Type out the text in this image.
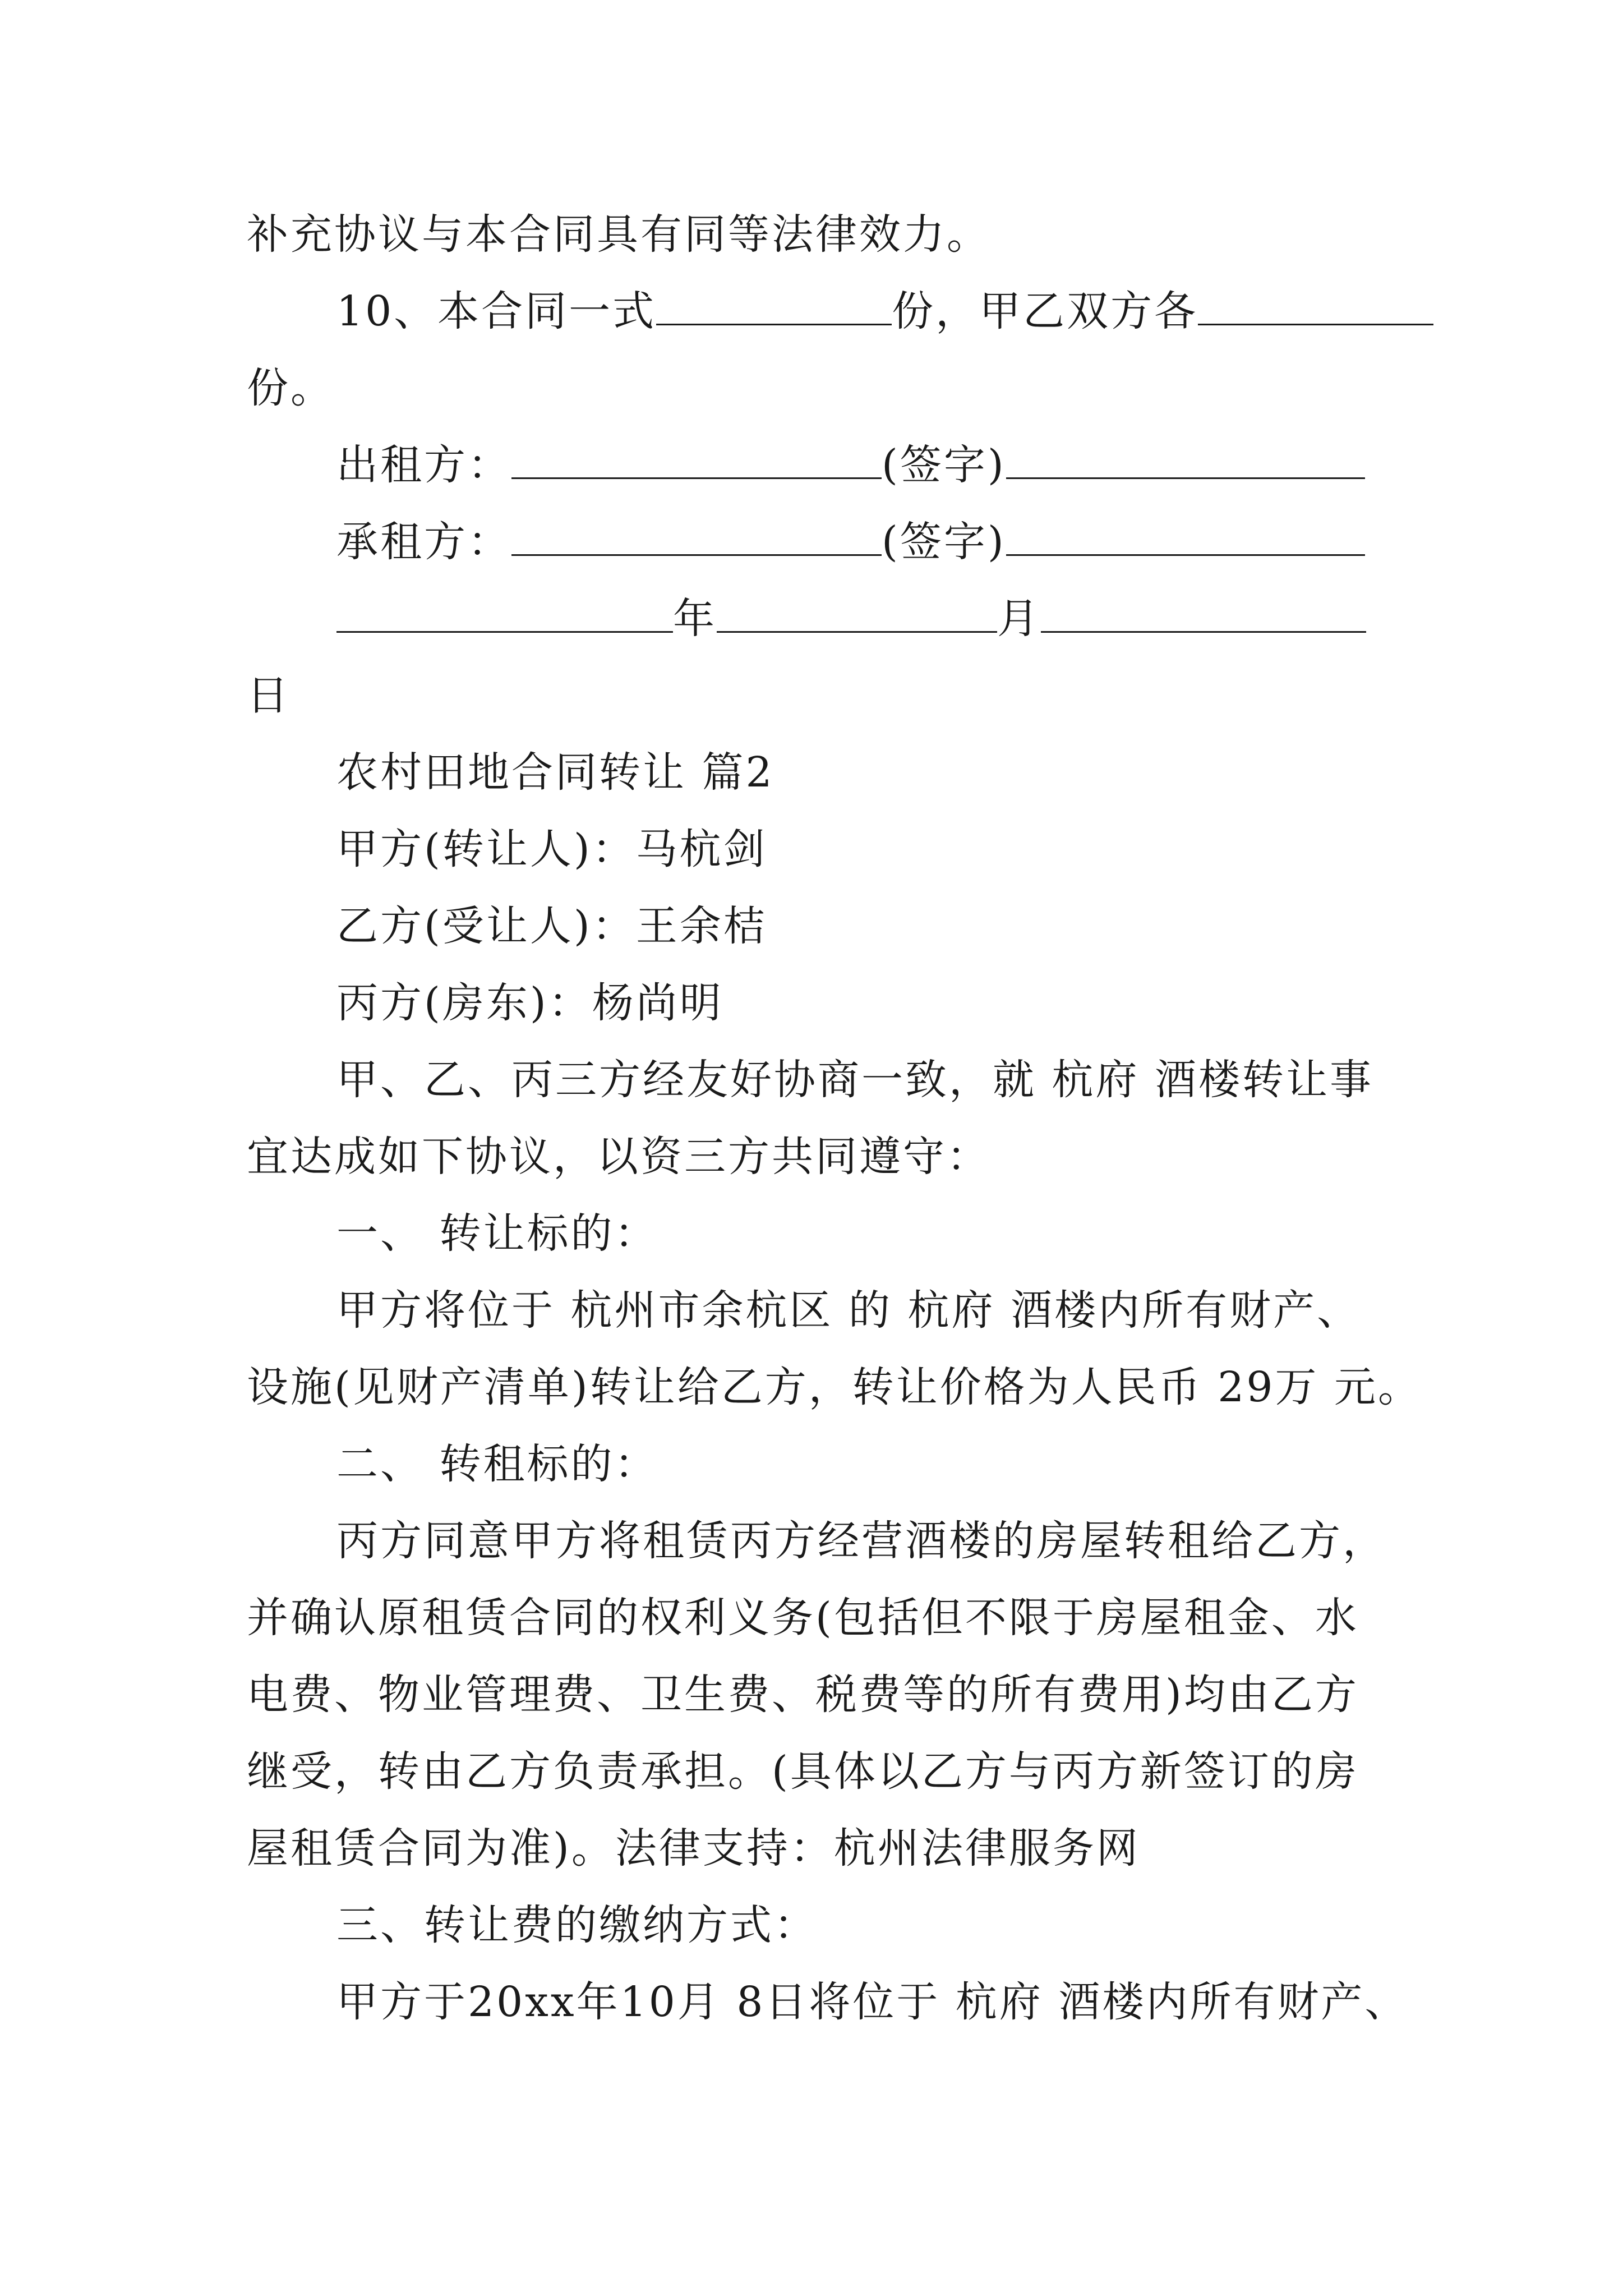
补充协议与本合同具有同等法律效力。
10、本合同一式	份，甲乙双方各
份。
出租方：	(签字)
承租方：	(签字)
年	月
日
农村田地合同转让 篇2
甲方(转让人)：马杭剑
乙方(受让人)：王余桔
丙方(房东)：杨尚明
甲、乙、丙三方经友好协商一致，就 杭府 酒楼转让事
宜达成如下协议，以资三方共同遵守：
一、 转让标的：
甲方将位于 杭州市余杭区 的 杭府 酒楼内所有财产、
设施(见财产清单)转让给乙方，转让价格为人民币 29万 元。
二、 转租标的：
丙方同意甲方将租赁丙方经营酒楼的房屋转租给乙方，
并确认原租赁合同的权利义务(包括但不限于房屋租金、水
电费、物业管理费、卫生费、税费等的所有费用)均由乙方
继受，转由乙方负责承担。(具体以乙方与丙方新签订的房
屋租赁合同为准)。法律支持：杭州法律服务网
三、转让费的缴纳方式：
甲方于20xx年10月 8日将位于 杭府 酒楼内所有财产、
